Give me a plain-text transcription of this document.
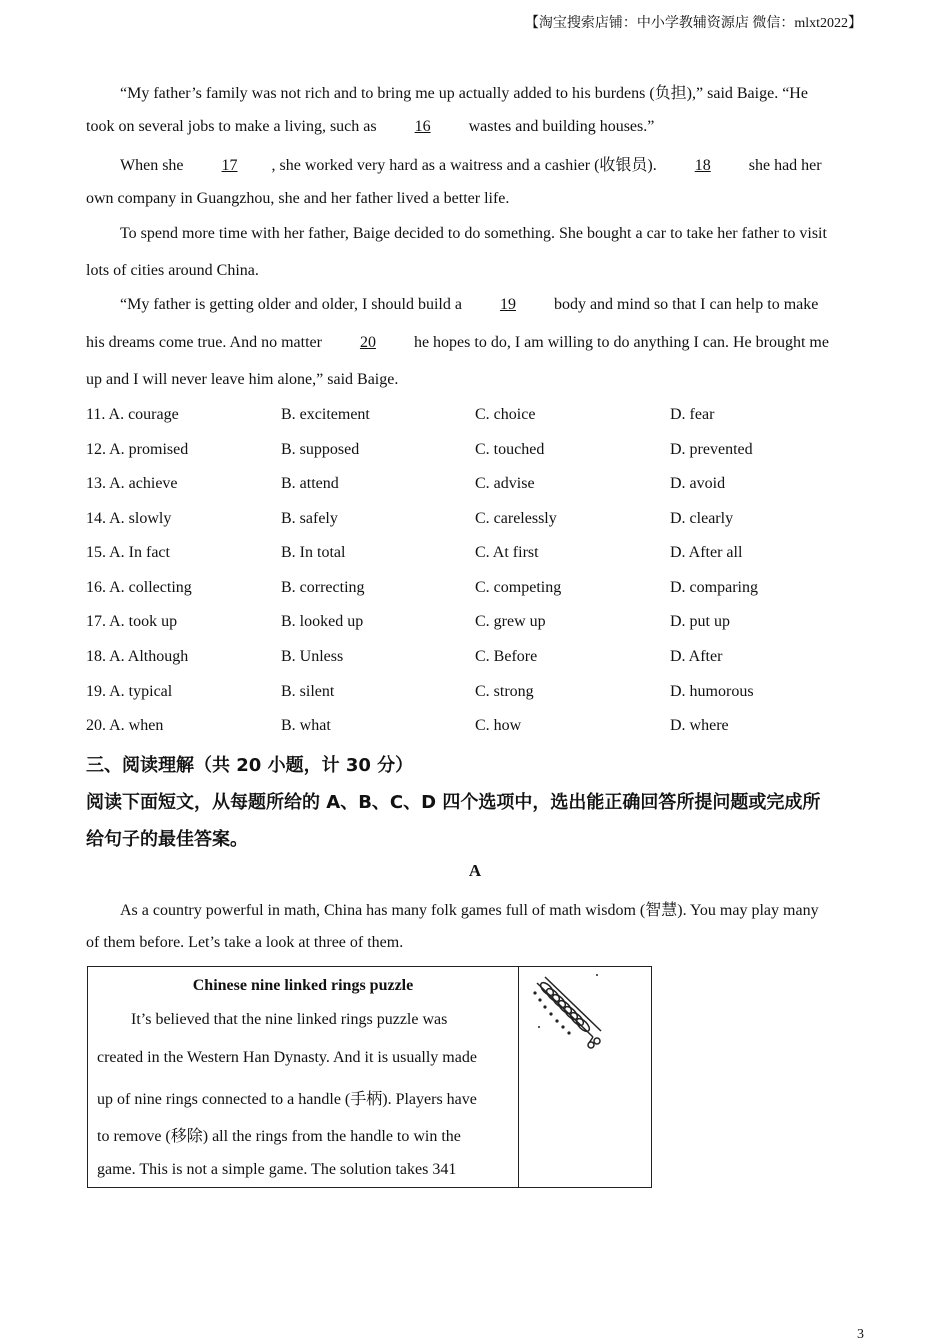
【淘宝搜索店铺：中小学教辅资源店 微信：mlxt2022】
“My father’s family was not rich and to bring me up actually added to his burdens (负担),” said Baige. “He
took on several jobs to make a living, such as 16 wastes and building houses.”
When she 17 , she worked very hard as a waitress and a cashier (收银员). 18 she had her
own company in Guangzhou, she and her father lived a better life.
To spend more time with her father, Baige decided to do something. She bought a car to take her father to visit
lots of cities around China.
“My father is getting older and older, I should build a 19 body and mind so that I can help to make
his dreams come true. And no matter 20 he hopes to do, I am willing to do anything I can. He brought me
up and I will never leave him alone,” said Baige.
11. A. courage	B. excitement	C. choice	D. fear
12. A. promised	B. supposed	C. touched	D. prevented
13. A. achieve	B. attend	C. advise	D. avoid
14. A. slowly	B. safely	C. carelessly	D. clearly
15. A. In fact	B. In total	C. At first	D. After all
16. A. collecting	B. correcting	C. competing	D. comparing
17. A. took up	B. looked up	C. grew up	D. put up
18. A. Although	B. Unless	C. Before	D. After
19. A. typical	B. silent	C. strong	D. humorous
20. A. when	B. what	C. how	D. where
三、阅读理解（共 20 小题，计 30 分）
阅读下面短文，从每题所给的 A、B、C、D 四个选项中，选出能正确回答所提问题或完成所
给句子的最佳答案。
A
As a country powerful in math, China has many folk games full of math wisdom (智慧). You may play many
of them before. Let’s take a look at three of them.
Chinese nine linked rings puzzle
It’s believed that the nine linked rings puzzle was
created in the Western Han Dynasty. And it is usually made
up of nine rings connected to a handle (手柄). Players have
to remove (移除) all the rings from the handle to win the
game. This is not a simple game. The solution takes 341
3
